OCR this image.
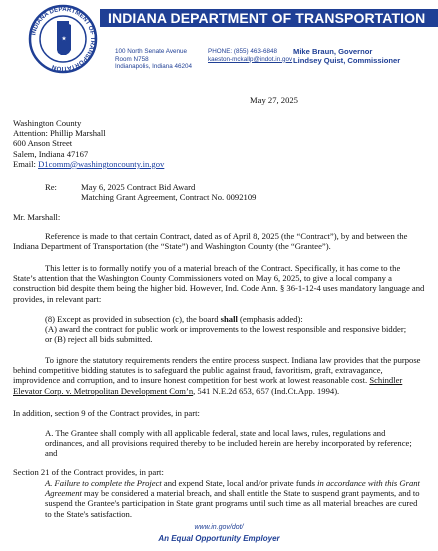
INDIANA DEPARTMENT OF TRANSPORTATION
★
INDIANA DEPARTMENT OF TRANSPORTATION
100 North Senate Avenue
Room N758
Indianapolis, Indiana 46204
PHONE: (855) 463-6848
kaeston-mckallp@indot.in.gov
Mike Braun, Governor
Lindsey Quist, Commissioner
May 27, 2025
Washington County
Attention: Phillip Marshall
600 Anson Street
Salem, Indiana 47167
Email: D1comm@washingtoncounty.in.gov
Re:	May 6, 2025 Contract Bid Award
Matching Grant Agreement, Contract No. 0092109
Mr. Marshall:
Reference is made to that certain Contract, dated as of April 8, 2025 (the “Contract”), by and between the Indiana Department of Transportation (the “State”) and Washington County (the “Grantee”).
This letter is to formally notify you of a material breach of the Contract. Specifically, it has come to the State’s attention that the Washington County Commissioners voted on May 6, 2025, to give a local company a construction bid despite them being the higher bid. However, Ind. Code Ann. § 36-1-12-4 uses mandatory language and provides, in relevant part:
(8) Except as provided in subsection (c), the board shall (emphasis added):
(A) award the contract for public work or improvements to the lowest responsible and responsive bidder; or (B) reject all bids submitted.
To ignore the statutory requirements renders the entire process suspect. Indiana law provides that the purpose behind competitive bidding statutes is to safeguard the public against fraud, favoritism, graft, extravagance, improvidence and corruption, and to insure honest competition for best work at lowest reasonable cost. Schindler Elevator Corp. v. Metropolitan Development Com’n, 541 N.E.2d 653, 657 (Ind.Ct.App. 1994).
In addition, section 9 of the Contract provides, in part:
A. The Grantee shall comply with all applicable federal, state and local laws, rules, regulations and ordinances, and all provisions required thereby to be included herein are hereby incorporated by reference; and
Section 21 of the Contract provides, in part:
A. Failure to complete the Project and expend State, local and/or private funds in accordance with this Grant Agreement may be considered a material breach, and shall entitle the State to suspend grant payments, and to suspend the Grantee's participation in State grant programs until such time as all material breaches are cured to the State's satisfaction.
www.in.gov/dot/
An Equal Opportunity Employer
